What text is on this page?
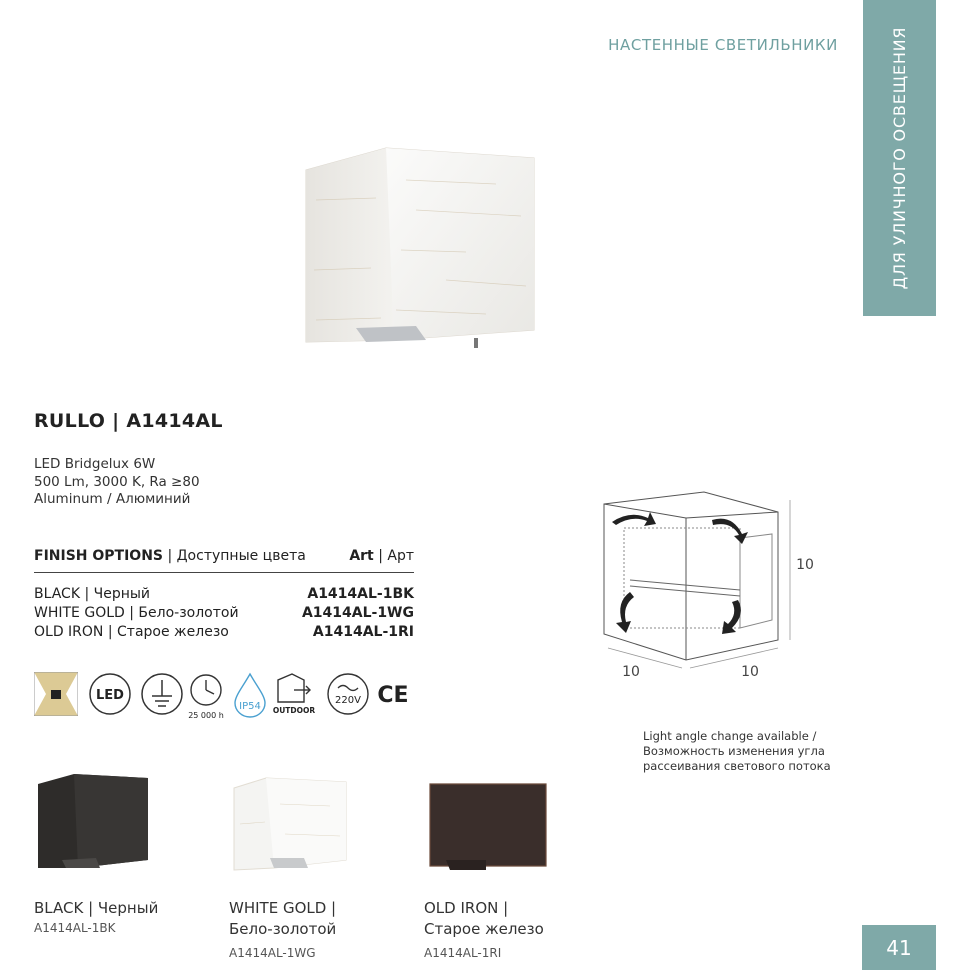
НАСТЕННЫЕ СВЕТИЛЬНИКИ	ДЛЯ УЛИЧНОГО ОСВЕЩЕНИЯ
41
RULLO | A1414AL
LED Bridgelux 6W
500 Lm, 3000 K, Ra ≥80
Aluminum / Алюминий
FINISH OPTIONS | Доступные цвета	Art | Арт
BLACK | Черный	A1414AL-1BK
WHITE GOLD | Бело-золотой	A1414AL-1WG
OLD IRON | Старое железо	A1414AL-1RI
LED
25 000 h
IP54 OUTDOOR
220V CE
10
10	10
Light angle change available /
Возможность изменения угла
рассеивания светового потока
BLACK | Черный
A1414AL-1BK
WHITE GOLD |
Бело-золотой
A1414AL-1WG
OLD IRON |
Старое железо
A1414AL-1RI
